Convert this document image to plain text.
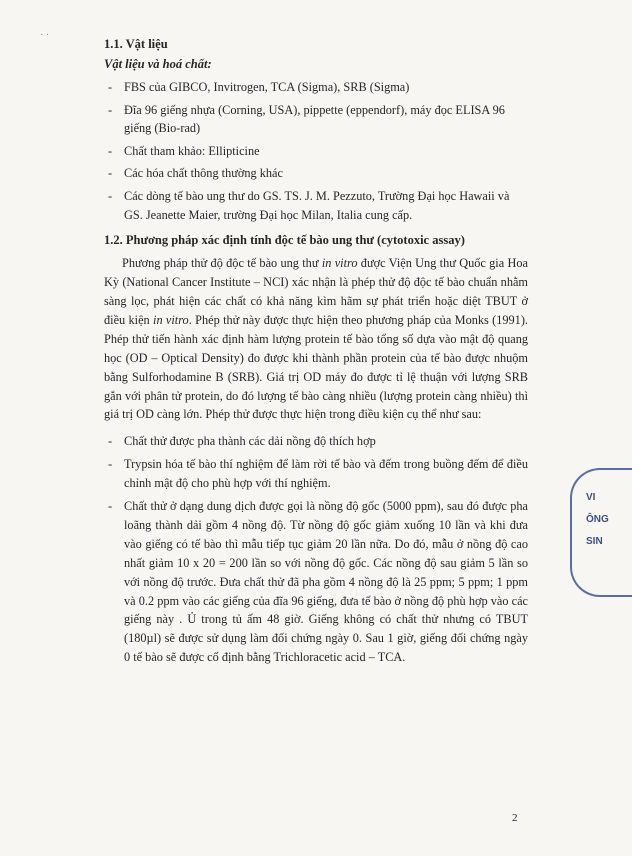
· ·
1.1. Vật liệu
Vật liệu và hoá chất:
- FBS của GIBCO, Invitrogen, TCA (Sigma), SRB (Sigma)
- Đĩa 96 giếng nhựa (Corning, USA), pippette (eppendorf), máy đọc ELISA 96 giếng (Bio-rad)
- Chất tham khảo: Ellipticine
- Các hóa chất thông thường khác
- Các dòng tế bào ung thư do GS. TS. J. M. Pezzuto, Trường Đại học Hawaii và GS. Jeanette Maier, trường Đại học Milan, Italia cung cấp.
1.2. Phương pháp xác định tính độc tế bào ung thư (cytotoxic assay)

Phương pháp thử độ độc tế bào ung thư in vitro được Viện Ung thư Quốc gia Hoa Kỳ (National Cancer Institute – NCI) xác nhận là phép thử độ độc tế bào chuẩn nhằm sàng lọc, phát hiện các chất có khả năng kìm hãm sự phát triển hoặc diệt TBUT ở điều kiện in vitro. Phép thử này được thực hiện theo phương pháp của Monks (1991). Phép thử tiến hành xác định hàm lượng protein tế bào tổng số dựa vào mật độ quang học (OD – Optical Density) đo được khi thành phần protein của tế bào được nhuộm bằng Sulforhodamine B (SRB). Giá trị OD máy đo được tỉ lệ thuận với lượng SRB gắn với phân tử protein, do đó lượng tế bào càng nhiều (lượng protein càng nhiều) thì giá trị OD càng lớn. Phép thử được thực hiện trong điều kiện cụ thể như sau:

- Chất thử được pha thành các dải nồng độ thích hợp
- Trypsin hóa tế bào thí nghiệm để làm rời tế bào và đếm trong buồng đếm để điều chỉnh mật độ cho phù hợp với thí nghiệm.
- Chất thử ở dạng dung dịch được gọi là nồng độ gốc (5000 ppm), sau đó được pha loãng thành dải gồm 4 nồng độ. Từ nồng độ gốc giảm xuống 10 lần và khi đưa vào giếng có tế bào thì mẫu tiếp tục giảm 20 lần nữa. Do đó, mẫu ở nồng độ cao nhất giảm 10 x 20 = 200 lần so với nồng độ gốc. Các nồng độ sau giảm 5 lần so với nồng độ trước. Đưa chất thử đã pha gồm 4 nồng độ là 25 ppm; 5 ppm; 1 ppm và 0.2 ppm vào các giếng của đĩa 96 giếng, đưa tế bào ở nồng độ phù hợp vào các giếng này . Ủ trong tủ ấm 48 giờ. Giếng không có chất thử nhưng có TBUT (180µl) sẽ được sử dụng làm đối chứng ngày 0. Sau 1 giờ, giếng đối chứng ngày 0 tế bào sẽ được cố định bằng Trichloracetic acid – TCA.
VI
ÔNG
SIN
2
